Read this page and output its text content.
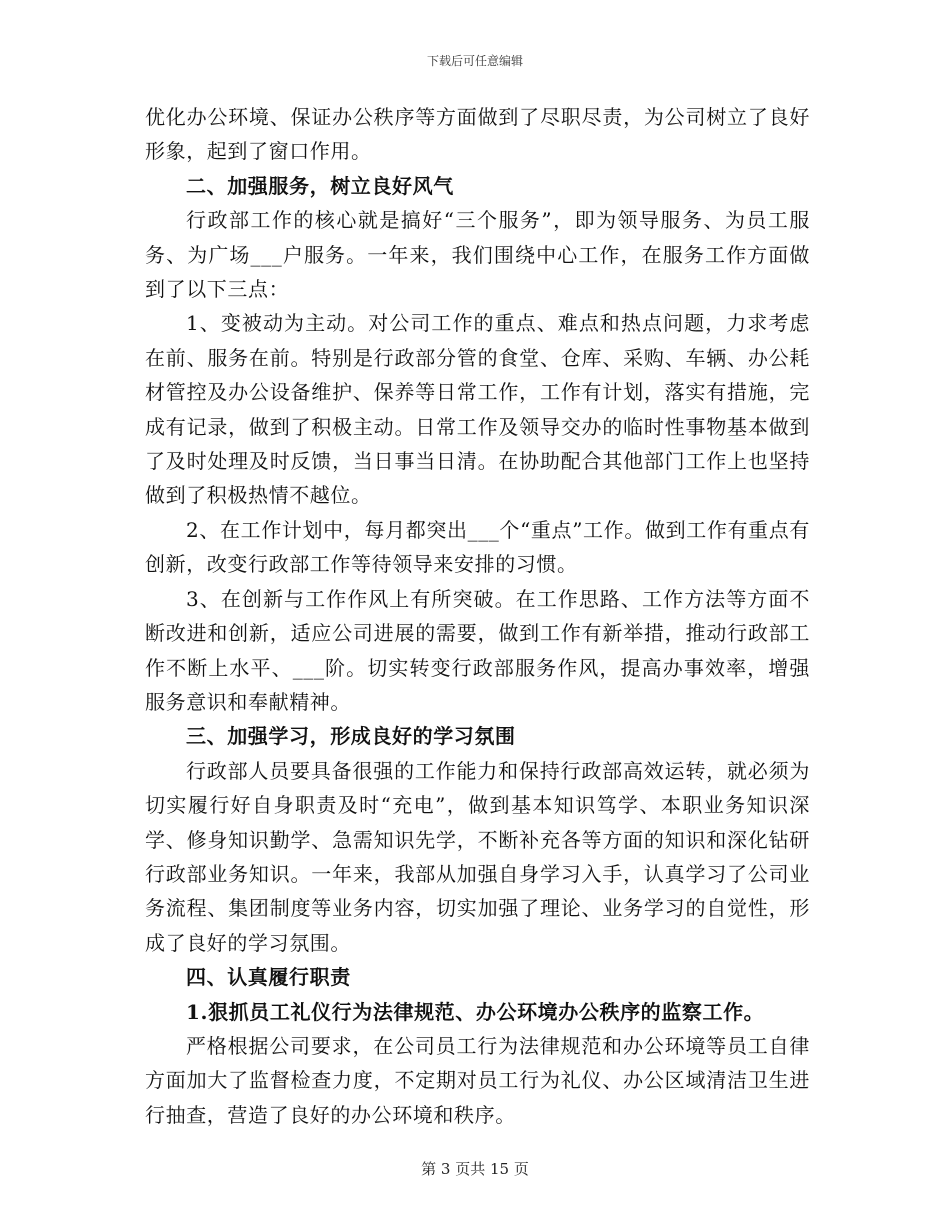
下载后可任意编辑

优化办公环境、保证办公秩序等方面做到了尽职尽责，为公司树立了良好形象，起到了窗口作用。

二、加强服务，树立良好风气

行政部工作的核心就是搞好“三个服务”，即为领导服务、为员工服务、为广场___户服务。一年来，我们围绕中心工作，在服务工作方面做到了以下三点：

1、变被动为主动。对公司工作的重点、难点和热点问题，力求考虑在前、服务在前。特别是行政部分管的食堂、仓库、采购、车辆、办公耗材管控及办公设备维护、保养等日常工作，工作有计划，落实有措施，完成有记录，做到了积极主动。日常工作及领导交办的临时性事物基本做到了及时处理及时反馈，当日事当日清。在协助配合其他部门工作上也坚持做到了积极热情不越位。

2、在工作计划中，每月都突出___个“重点”工作。做到工作有重点有创新，改变行政部工作等待领导来安排的习惯。

3、在创新与工作作风上有所突破。在工作思路、工作方法等方面不断改进和创新，适应公司进展的需要，做到工作有新举措，推动行政部工作不断上水平、___阶。切实转变行政部服务作风，提高办事效率，增强服务意识和奉献精神。

三、加强学习，形成良好的学习氛围

行政部人员要具备很强的工作能力和保持行政部高效运转，就必须为切实履行好自身职责及时“充电”，做到基本知识笃学、本职业务知识深学、修身知识勤学、急需知识先学，不断补充各等方面的知识和深化钻研行政部业务知识。一年来，我部从加强自身学习入手，认真学习了公司业务流程、集团制度等业务内容，切实加强了理论、业务学习的自觉性，形成了良好的学习氛围。

四、认真履行职责

1.狠抓员工礼仪行为法律规范、办公环境办公秩序的监察工作。

严格根据公司要求，在公司员工行为法律规范和办公环境等员工自律方面加大了监督检查力度，不定期对员工行为礼仪、办公区域清洁卫生进行抽查，营造了良好的办公环境和秩序。

第 3 页共 15 页
